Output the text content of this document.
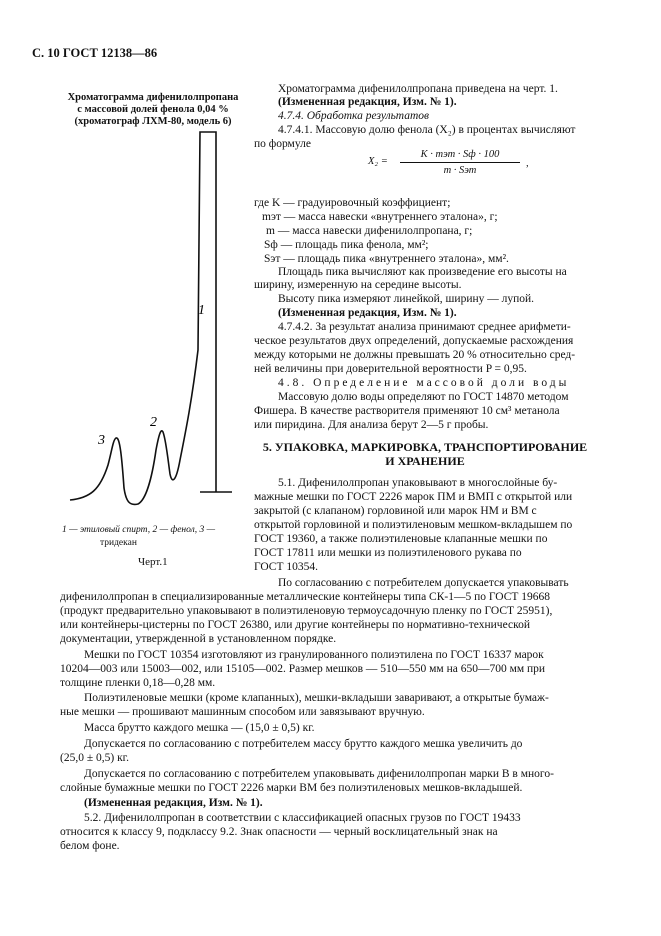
С. 10 ГОСТ 12138—86
Хроматограмма дифенилолпропана
с массовой долей фенола 0,04 %
(хроматограф ЛХМ-80, модель 6)
1
2
3
1 — этиловый спирт, 2 — фенол, 3 —
тридекан
Черт.1
Хроматограмма дифенилолпропана приведена на черт. 1.
(Измененная редакция, Изм. № 1).
4.7.4. Обработка результатов
4.7.4.1. Массовую долю фенола (X₂) в процентах вычисляют
по формуле
X₂ =
K · mэт · Sф · 100
m · Sэт
,
где K — градуировочный коэффициент;
mэт — масса навески «внутреннего эталона», г;
m — масса навески дифенилолпропана, г;
Sф — площадь пика фенола, мм²;
Sэт — площадь пика «внутреннего эталона», мм².
Площадь пика вычисляют как произведение его высоты на
ширину, измеренную на середине высоты.
Высоту пика измеряют линейкой, ширину — лупой.
(Измененная редакция, Изм. № 1).
4.7.4.2. За результат анализа принимают среднее арифмети-
ческое результатов двух определений, допускаемые расхождения
между которыми не должны превышать 20 % относительно сред-
ней величины при доверительной вероятности P = 0,95.
4.8. Определение массовой доли воды
Массовую долю воды определяют по ГОСТ 14870 методом
Фишера. В качестве растворителя применяют 10 см³ метанола
или пиридина. Для анализа берут 2—5 г пробы.
5. УПАКОВКА, МАРКИРОВКА, ТРАНСПОРТИРОВАНИЕ
И ХРАНЕНИЕ
5.1. Дифенилолпропан упаковывают в многослойные бу-
мажные мешки по ГОСТ 2226 марок ПМ и ВМП с открытой или
закрытой (с клапаном) горловиной или марок НМ и ВМ с
открытой горловиной и полиэтиленовым мешком-вкладышем по
ГОСТ 19360, а также полиэтиленовые клапанные мешки по
ГОСТ 17811 или мешки из полиэтиленового рукава по
ГОСТ 10354.
По согласованию с потребителем допускается упаковывать
дифенилолпропан в специализированные металлические контейнеры типа СК-1—5 по ГОСТ 19668
(продукт предварительно упаковывают в полиэтиленовую термоусадочную пленку по ГОСТ 25951),
или контейнеры-цистерны по ГОСТ 26380, или другие контейнеры по нормативно-технической
документации, утвержденной в установленном порядке.
Мешки по ГОСТ 10354 изготовляют из гранулированного полиэтилена по ГОСТ 16337 марок
10204—003 или 15003—002, или 15105—002. Размер мешков — 510—550 мм на 650—700 мм при
толщине пленки 0,18—0,28 мм.
Полиэтиленовые мешки (кроме клапанных), мешки-вкладыши заваривают, а открытые бумаж-
ные мешки — прошивают машинным способом или завязывают вручную.
Масса брутто каждого мешка — (15,0 ± 0,5) кг.
Допускается по согласованию с потребителем массу брутто каждого мешка увеличить до
(25,0 ± 0,5) кг.
Допускается по согласованию с потребителем упаковывать дифенилолпропан марки В в много-
слойные бумажные мешки по ГОСТ 2226 марки ВМ без полиэтиленовых мешков-вкладышей.
(Измененная редакция, Изм. № 1).
5.2. Дифенилолпропан в соответствии с классификацией опасных грузов по ГОСТ 19433
относится к классу 9, подклассу 9.2. Знак опасности — черный восклицательный знак на
белом фоне.
